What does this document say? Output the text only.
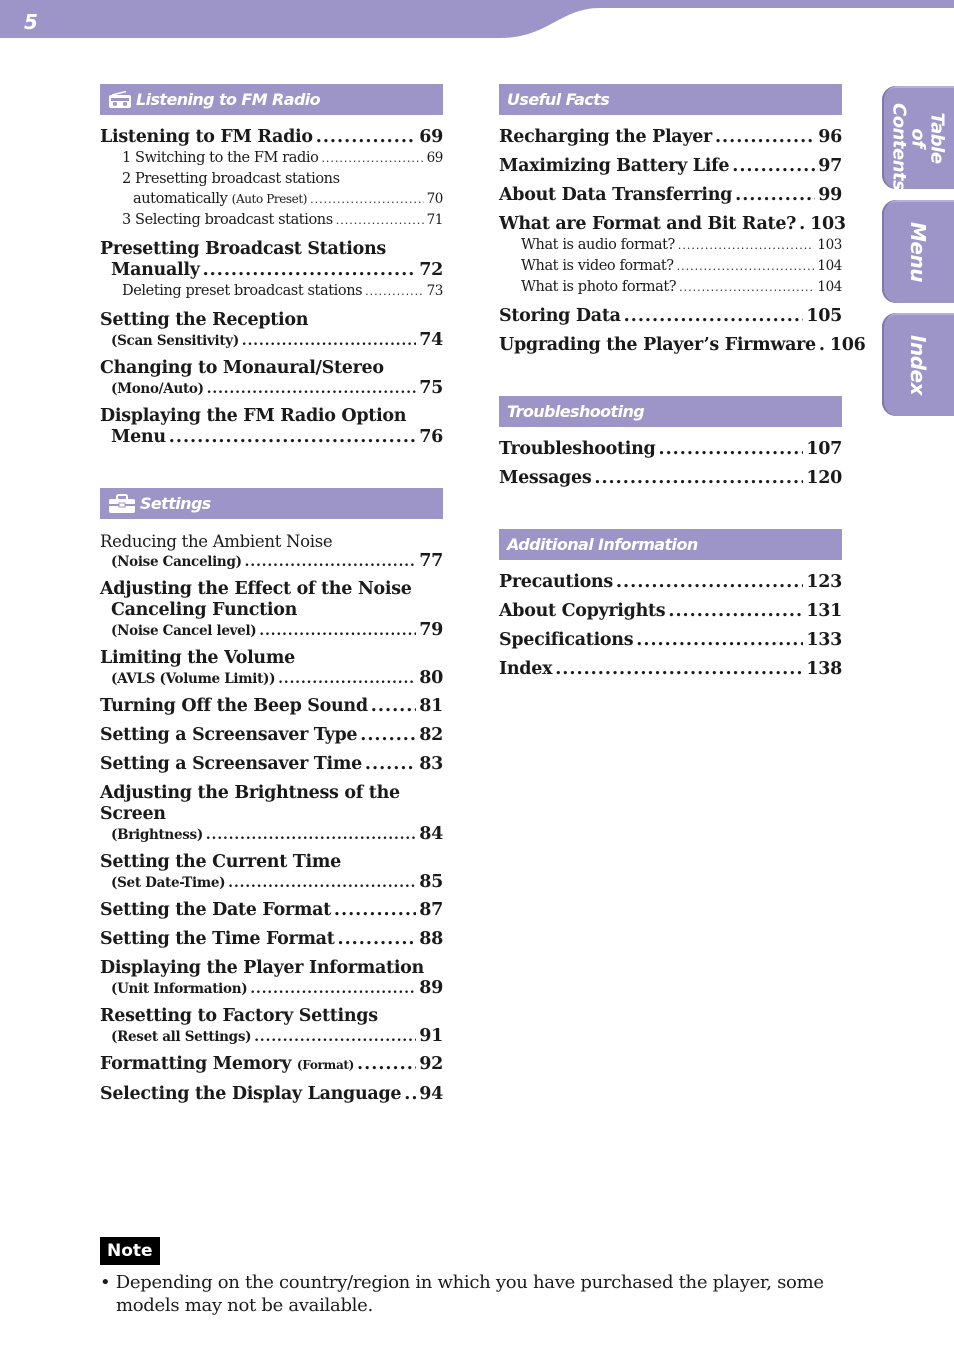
5
Table of Contents
Menu
Index
Listening to FM Radio
Listening to FM Radio .....	69
1 Switching to the FM radio .....	69
2 Presetting broadcast stations
automatically (Auto Preset) .....	70
3 Selecting broadcast stations .....	71
Presetting Broadcast Stations
Manually .....	72
Deleting preset broadcast stations .....	73
Setting the Reception
(Scan Sensitivity) .....	74
Changing to Monaural/Stereo
(Mono/Auto) .....	75
Displaying the FM Radio Option
Menu .....	76
Settings
Reducing the Ambient Noise
(Noise Canceling) .....	77
Adjusting the Effect of the Noise
Canceling Function
(Noise Cancel level) .....	79
Limiting the Volume
(AVLS (Volume Limit)) .....	80
Turning Off the Beep Sound .....	81
Setting a Screensaver Type .....	82
Setting a Screensaver Time .....	83
Adjusting the Brightness of the Screen
(Brightness) .....	84
Setting the Current Time
(Set Date-Time) .....	85
Setting the Date Format .....	87
Setting the Time Format .....	88
Displaying the Player Information
(Unit Information) .....	89
Resetting to Factory Settings
(Reset all Settings) .....	91
Formatting Memory (Format) .....	92
Selecting the Display Language ..... 94
Useful Facts
Recharging the Player .....	96
Maximizing Battery Life .....	97
About Data Transferring .....	99
What are Format and Bit Rate? ..... 103
What is audio format? .....	103
What is video format? .....	104
What is photo format? .....	104
Storing Data .....	105
Upgrading the Player’s Firmware ..... 106
Troubleshooting
Troubleshooting .....	107
Messages .....	120
Additional Information
Precautions .....	123
About Copyrights .....	131
Specifications .....	133
Index .....	138
Note
• Depending on the country/region in which you have purchased the player, some models may not be available.
